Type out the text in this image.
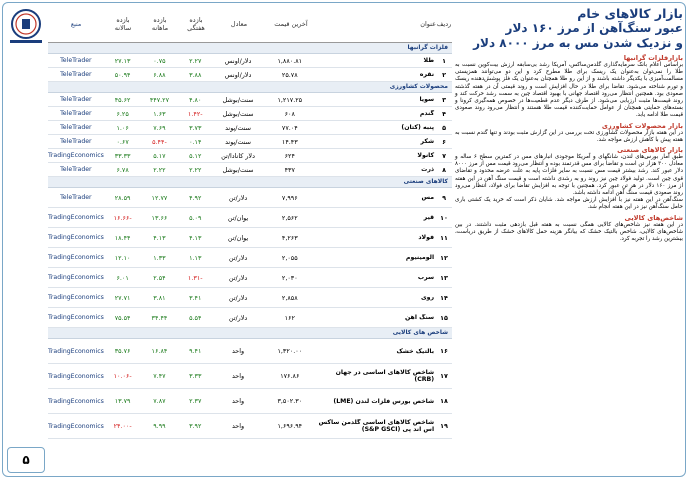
بازار کالاهای خام
عبور سنگ‌آهن از مرز ۱۶۰ دلار
و نزدیک شدن مس به مرز ۸۰۰۰ دلار
بازارفلزات گرانبها

براساس اعلام بانک سرمایه‌گذاری گلدمن‌ساکس، آمریکا رشد بی‌سابقه ارزش بیت‌کوین نسبت به طلا را نمی‌توان به‌عنوان یک ریسک برای طلا مطرح کرد و این دو می‌توانند همزیستی مسالمت‌آمیزی با یکدیگر داشته باشند و از این رو طلا همچنان به‌عنوان یک فلز پوشش‌دهنده ریسک و تورم شناخته می‌شود. تقاضا برای طلا در حال افزایش است و روند قیمتی آن در هفته گذشته صعودی بود. همچنین انتظار می‌رود اقتصاد جهانی با بهبود اقتصاد چین به سمت رشد حرکت کند و روند قیمت‌ها مثبت ارزیابی می‌شود. از طرف دیگر عدم قطعیت‌ها در خصوص همه‌گیری کرونا و بسته‌های حمایتی همچنان از عوامل حمایت‌کننده قیمت طلا هستند و انتظار می‌رود روند صعودی قیمت طلا ادامه یابد.

بازار محصولات کشاورزی

در این هفته بازار محصولات کشاورزی تحت بررسی در این گزارش مثبت بودند و تنها گندم نسبت به هفته پیش با کاهش ارزش مواجه شد.

بازار کالاهای صنعتی

طبق آمار بورس‌های لندن، شانگهای و آمریکا موجودی انبارهای مس در کمترین سطح ۶ ساله و معادل ۳۰۰ هزار تن است و تقاضا برای مس قدرتمند بوده و انتظار می‌رود قیمت مس از مرز ۸۰۰۰ دلار عبور کند. رشد بیشتر قیمت مس نسبت به سایر فلزات پایه به علت عرضه محدود و تقاضای قوی چین است. تولید فولاد چین نیز روند رو به رشدی داشته است و قیمت سنگ آهن در این هفته از مرز ۱۶۰ دلار در هر تن عبور کرد. همچنین با توجه به افزایش تقاضا برای فولاد، انتظار می‌رود روند صعودی قیمت سنگ آهن ادامه داشته باشد.

سنگ‌آهن در این هفته نیز با افزایش ارزش مواجه شد. شایان ذکر است که خرید یک کشتی باری حامل سنگ‌آهن نیز در این هفته انجام شد.

شاخص‌های کالایی

در این هفته نیز شاخص‌های کالایی همگی نسبت به هفته قبل بازدهی مثبت داشتند. در بین شاخص‌های کالایی، شاخص بالتیک خشک که بیانگر هزینه حمل کالاهای خشک از طریق دریاست، بیشترین رشد را تجربه کرد.

ردیف
عنوان
آخرین قیمت
معادل
بازده
هفتگی
بازده
ماهانه
بازده
سالانه
منبع
فلزات گرانبها
۱
طلا
۱,۸۸۰.۸۱
دلار/اونس
۲.۲۷
۰.۷۵
۲۷.۱۳
TeleTrader
۲
نقره
۲۵.۷۸
دلار/اونس
۳.۸۸
۶.۸۸
۵۰.۹۴
TeleTrader
محصولات کشاورزی
۳
سویا
۱,۲۱۷.۲۵
سنت/بوشل
۴.۸۰
۴۴۷.۲۷
۴۵.۶۲
TeleTrader
۴
گندم
۶۰۸
سنت/بوشل
-۱.۴۲
۱.۶۳
۶.۲۵
TeleTrader
۵
پنبه (کتان)
۷۷.۰۴
سنت/پوند
۳.۷۳
۷.۶۹
۱.۰۶
TeleTrader
۶
شکر
۱۴.۴۳
سنت/پوند
۰.۱۴
-۵.۴۴
۰.۶۷
TeleTrader
۷
کانولا
۶۲۴
دلار کانادا/تن
۵.۱۲
۵.۱۷
۳۳.۳۳
TradingEconomics
۸
ذرت
۴۳۷
سنت/بوشل
۲.۲۲
۲.۲۲
۶.۷۸
TeleTrader
کالاهای صنعتی
۹
مس
۷,۹۹۶
دلار/تن
۴.۹۲
۱۲.۷۷
۲۸.۵۹
TeleTrader
۱۰
قیر
۲,۵۶۲
یوان/تن
۵.۰۹
۱۳.۶۶
-۱۶.۶۶
TradingEconomics
۱۱
فولاد
۴,۲۶۳
یوان/تن
۴.۱۳
۴.۱۳
۱۸.۴۴
TradingEconomics
۱۲
آلومینیوم
۲,۰۵۵
دلار/تن
۱.۱۳
۱.۳۳
۱۲.۱۰
TradingEconomics
۱۳
سرب
۲,۰۳۰
دلار/تن
-۱.۳۱
۲.۵۴
۶.۰۱
TradingEconomics
۱۴
روی
۲,۸۵۸
دلار/تن
۳.۴۱
۳.۸۱
۲۷.۷۱
TradingEconomics
۱۵
سنگ آهن
۱۶۲
دلار/تن
۵.۵۴
۳۴.۴۴
۷۵.۵۴
TradingEconomics
شاخص های کالایی
۱۶
بالتیک خشک
۱,۳۲۰.۰۰
واحد
۹.۴۱
۱۶.۸۴
۳۵.۷۶
TradingEconomics
۱۷
شاخص کالاهای اساسی در جهان (CRB)
۱۷۶.۸۶
واحد
۳.۳۳
۷.۴۷
-۱۰.۰۶
TradingEconomics
۱۸
شاخص بورس فلزات لندن (LME)
۳,۵۰۲.۳۰
واحد
۲.۳۷
۷.۸۷
۱۳.۷۹
TradingEconomics
۱۹
شاخص کالاهای اساسی گلدمن ساکس اس اند پی (S&P GSCI)
۱,۶۹۶.۹۴
واحد
۳.۹۲
۹.۹۹
-۲۴.۰۰
TradingEconomics
۵
